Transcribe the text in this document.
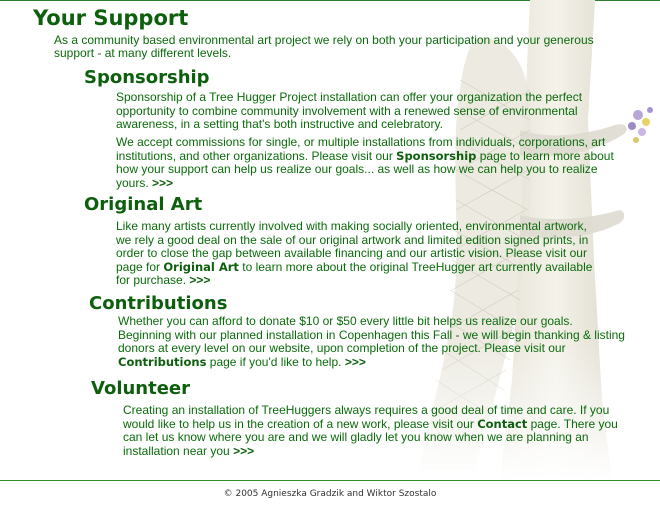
Your Support

As a community based environmental art project we rely on both your participation and your generous support - at many different levels.

Sponsorship

Sponsorship of a Tree Hugger Project installation can offer your organization the perfect opportunity to combine community involvement with a renewed sense of environmental awareness, in a setting that's both instructive and celebratory.

We accept commissions for single, or multiple installations from individuals, corporations, art institutions, and other organizations. Please visit our Sponsorship page to learn more about how your support can help us realize our goals... as well as how we can help you to realize yours. >>>

Original Art

Like many artists currently involved with making socially oriented, environmental artwork, we rely a good deal on the sale of our original artwork and limited edition signed prints, in order to close the gap between available financing and our artistic vision. Please visit our page for Original Art to learn more about the original TreeHugger art currently available for purchase. >>>

Contributions

Whether you can afford to donate $10 or $50 every little bit helps us realize our goals. Beginning with our planned installation in Copenhagen this Fall - we will begin thanking & listing donors at every level on our website, upon completion of the project. Please visit our Contributions page if you'd like to help. >>>

Volunteer

Creating an installation of TreeHuggers always requires a good deal of time and care. If you would like to help us in the creation of a new work, please visit our Contact page. There you can let us know where you are and we will gladly let you know when we are planning an installation near you >>>

© 2005 Agnieszka Gradzik and Wiktor Szostalo
